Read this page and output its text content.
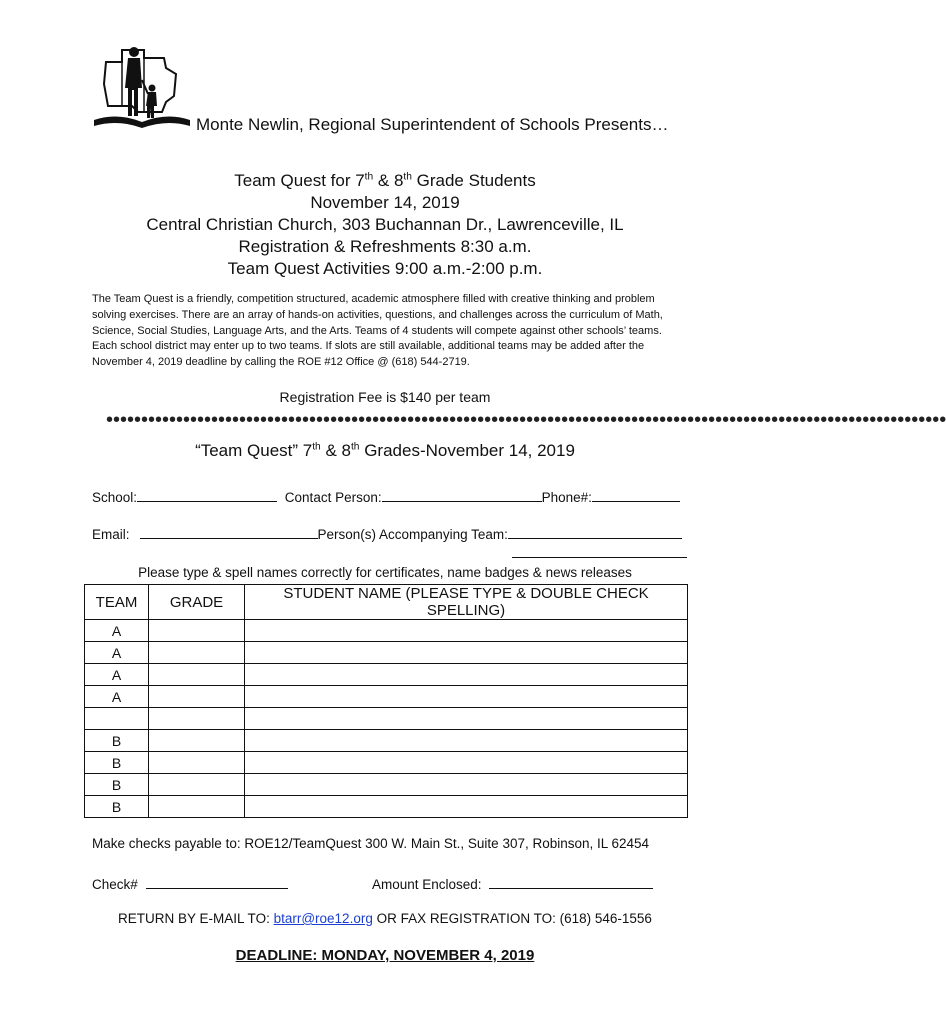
Monte Newlin, Regional Superintendent of Schools Presents…
Team Quest for 7th & 8th Grade Students
November 14, 2019
Central Christian Church, 303 Buchannan Dr., Lawrenceville, IL
Registration & Refreshments 8:30 a.m.
Team Quest Activities 9:00 a.m.-2:00 p.m.
The Team Quest is a friendly, competition structured, academic atmosphere filled with creative thinking and problem solving exercises. There are an array of hands-on activities, questions, and challenges across the curriculum of Math, Science, Social Studies, Language Arts, and the Arts. Teams of 4 students will compete against other schools’ teams. Each school district may enter up to two teams. If slots are still available, additional teams may be added after the November 4, 2019 deadline by calling the ROE #12 Office @ (618) 544-2719.
Registration Fee is $140 per team
••••••••••••••••••••••••••••••••••••••••••••••••••••••••••••••••••••••••••••••••••••••••••••••••••••••••••••••••••••••••
“Team Quest” 7th & 8th Grades-November 14, 2019
School:	Contact Person:	Phone#:
Email:	Person(s) Accompanying Team:
Please type & spell names correctly for certificates, name badges & news releases
TEAM	GRADE	STUDENT NAME (PLEASE TYPE & DOUBLE CHECK SPELLING)
A		
A		
A		
A		

B		
B		
B		
B		
Make checks payable to: ROE12/TeamQuest 300 W. Main St., Suite 307, Robinson, IL 62454
Check#	Amount Enclosed:
RETURN BY E-MAIL TO: btarr@roe12.org OR FAX REGISTRATION TO: (618) 546-1556
DEADLINE: MONDAY, NOVEMBER 4, 2019
